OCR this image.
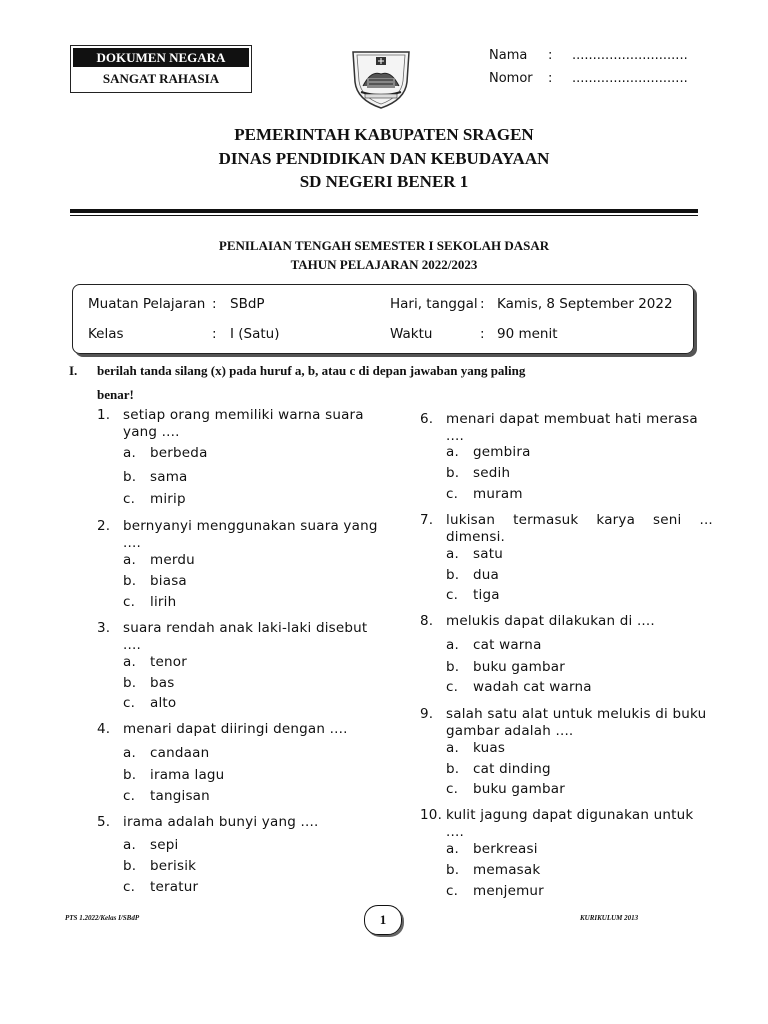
DOKUMEN NEGARA
SANGAT RAHASIA
Nama : ............................
Nomor : ............................
PEMERINTAH KABUPATEN SRAGEN
DINAS PENDIDIKAN DAN KEBUDAYAAN
SD NEGERI BENER 1
PENILAIAN TENGAH SEMESTER I SEKOLAH DASAR
TAHUN PELAJARAN 2022/2023
Muatan Pelajaran : SBdP	Hari, tanggal : Kamis, 8 September 2022
Kelas	: I (Satu)	Waktu	: 90 menit
I. berilah tanda silang (x) pada huruf a, b, atau c di depan jawaban yang paling
benar!
1. setiap orang memiliki warna suara
yang ....
a. berbeda
b. sama
c. mirip
2. bernyanyi menggunakan suara yang
....
a. merdu
b. biasa
c. lirih
3. suara rendah anak laki-laki disebut
....
a. tenor
b. bas
c. alto
4. menari dapat diiringi dengan ....
a. candaan
b. irama lagu
c. tangisan
5. irama adalah bunyi yang ....
a. sepi
b. berisik
c. teratur
6. menari dapat membuat hati merasa
....
a. gembira
b. sedih
c. muram
7. lukisan    termasuk    karya    seni    ...
dimensi.
a. satu
b. dua
c. tiga
8. melukis dapat dilakukan di ....
a. cat warna
b. buku gambar
c. wadah cat warna
9. salah satu alat untuk melukis di buku
gambar adalah ....
a. kuas
b. cat dinding
c. buku gambar
10. kulit jagung dapat digunakan untuk
....
a. berkreasi
b. memasak
c. menjemur
PTS 1.2022/Kelas I/SBdP	1	KURIKULUM 2013
